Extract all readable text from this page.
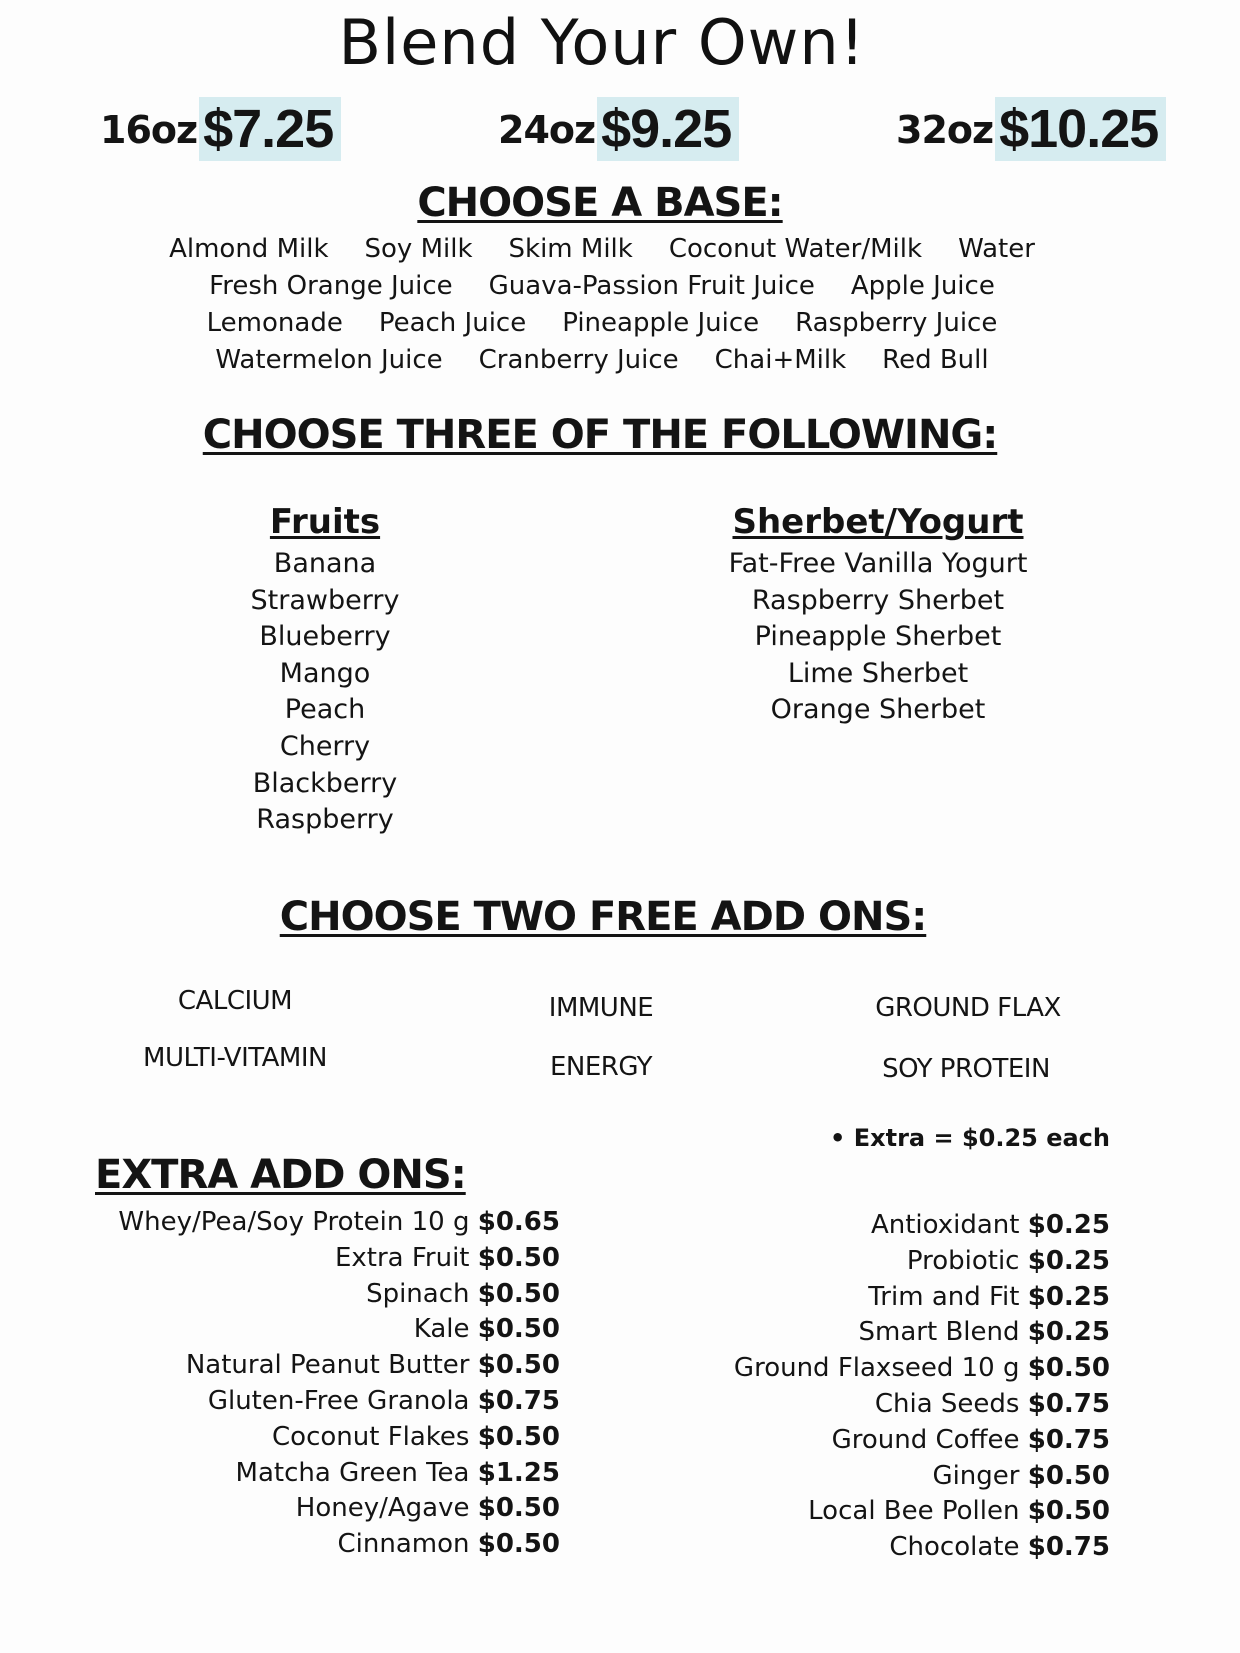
Blend Your Own!
16oz $7.25	24oz $9.25	32oz $10.25
CHOOSE A BASE:
Almond Milk Soy Milk Skim Milk Coconut Water/Milk Water
Fresh Orange Juice Guava-Passion Fruit Juice Apple Juice
Lemonade Peach Juice Pineapple Juice Raspberry Juice
Watermelon Juice Cranberry Juice Chai+Milk Red Bull
CHOOSE THREE OF THE FOLLOWING:
Fruits
Banana
Strawberry
Blueberry
Mango
Peach
Cherry
Blackberry
Raspberry
Sherbet/Yogurt
Fat-Free Vanilla Yogurt
Raspberry Sherbet
Pineapple Sherbet
Lime Sherbet
Orange Sherbet
CHOOSE TWO FREE ADD ONS:
CALCIUM
MULTI-VITAMIN
IMMUNE
ENERGY
GROUND FLAX
SOY PROTEIN
• Extra = $0.25 each
EXTRA ADD ONS:
Whey/Pea/Soy Protein 10 g $0.65
Extra Fruit $0.50
Spinach $0.50
Kale $0.50
Natural Peanut Butter $0.50
Gluten-Free Granola $0.75
Coconut Flakes $0.50
Matcha Green Tea $1.25
Honey/Agave $0.50
Cinnamon $0.50
Antioxidant $0.25
Probiotic $0.25
Trim and Fit $0.25
Smart Blend $0.25
Ground Flaxseed 10 g $0.50
Chia Seeds $0.75
Ground Coffee $0.75
Ginger $0.50
Local Bee Pollen $0.50
Chocolate $0.75
